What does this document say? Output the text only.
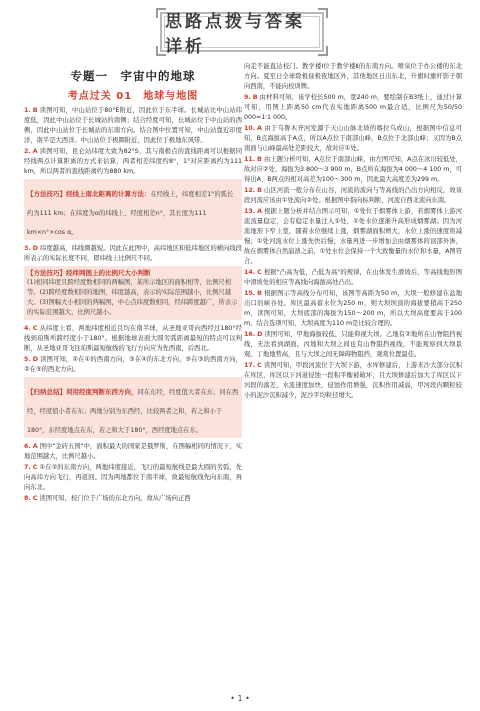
思路点拨与答案详析
专题一　宇宙中的地球
考点过关 01　地球与地图
1. B 读图可知，中山站位于80°E附近，因此位于东半球。长城站比中山站纬度低，因此中山站位于长城站的南侧；结合经度可知，长城站位于中山站的西侧，因此中山站位于长城站的东南方向。结合图中位置可知，中山站靠近印度洋，南半是大西洋。中山站位于极圈附近，因此位于极地东风带。
2. A 读图可知，昆仑站纬度大致为82°S，其与南极点的直线距离可以根据同经线两点计算距离的方式来估算，两者相差纬度约8°，1°对应距离约为111 km，所以两者的直线距离约为880 km。
【方法技巧】经线上南北距离的计算方法：在经线上，纬度相差1°的弧长约为111 km；在纬度为α的纬线上，经度相差n°，其长度为111 km×n°×cos α。
3. D 纬度越高，纬线圈越短。因此在此图中，高纬地区和低纬地区的横向线段所表示的实际长度不同，即纬线上比例尺不同。
【方法技巧】经纬网图上的比例尺大小判断
(1)相同纬度且跨经度数相同的两幅图，某所示地区的面积相等，比例尺相等。(2)跨经度数相同的地图，纬度越高，表示的实际范围越小，比例尺越大。(3)图幅大小相同的两幅图，中心点纬度数相同，经纬跨度越广，所表示的实际范围越大，比例尺越小。
4. C 从纬度上看，两地纬度相近且均在南半球，从圣地亚哥向西经过180°经线到珀斯所跨经度小于180°。根据地球表面大圆劣弧距离最短的特点可以判断，从圣地亚哥飞往珀斯最短航线的飞行方向应为先西南，后西北。
5. D 读图可知，②在①的西南方向，③在④的东北方向，⑤在③的西南方向，②在⑤的西北方向。
【归纳总结】利用经度判断东西方向，同在东经，经度值大者在东；同在西经，经度值小者在东；两地分别为东西经，比较两者之和，若之和小于180°，东经度地点在东，若之和大于180°，西经度地点在东。
6. A 图中"金砖五国"中，面积最大的国家是俄罗斯，在图幅相同的情况下，实地范围越大，比例尺越小。
7. C ①在②的东南方向，两地纬度接近，飞行的最短航线是最大圆的劣弧，先向高纬方向飞行，再返回。因为两地都位于南半球，故最短航线先向东南，再向东北。
8. C 读图可知，校门位于广场的东北方向，故从广场向正西
向走不能直达校门。教学楼Ⅰ位于教学楼Ⅱ的东南方向。喷泉位于办公楼的东北方向。夏至日全球除极昼极夜地区外，其他地区日出东北，升旗时旗杆影子朝向西南，不能向校训牌。
9. B 由材料可知，该学校长500 m，宽240 m，要绘制在B3纸上，通过计算可知，用图上距离50 cm代表实地距离500 m最合适，比例尺为50/50 000=1∶1 000。
10. A 由于乌鲁木齐河发源于天山山脉北坡的喀拉乌成山，根据图中信息可知，B点海拔高于A点，所以A点位于南部山峰，B点位于北部山峰；又因为B点南面与山峰最高处差距较大，故对应①处。
11. B 由上题分析可知，A点位于南部山峰，由左图可知，A点在冰川较低处，故对应②处，海拔为3 800～3 900 m，B点所在海拔为4 000～4 100 m，可得出A、B两点的相对高差为100～300 m，因此最大高度差为299 m。
12. B 山区河流一般分布在山谷，河流的流向与等高线的凸出方向相反，故该段河流应该由①处流向②处。根据图中指向标判断，河流自西北流向东南。
13. A 根据上题分析并结合图示可知，①处位于烟雾体上游，若烟雾体上游河流流量稳定，会有稳定水量注入①处，①处水位逐渐升高形成烟雾湖；因为河流地形下窄上宽，随着水位继续上涨，烟雾湖面积增大，水位上涨的速度将减慢；①处河流水位上涨先快后慢；水量再进一步增加会由烟雾体的顶部外渗，故在烟雾体自然崩溃之前，①处水位会保持一个大致衡量的水位和水量，A图符合。
14. C 根据"凸高为低，凸低为高"的规律，在山体发生滑坡后，等高线地形图中滑坡处的相应等高线向海拔高处凸出。
15. B 根据图示等高线分布可知，该图等高距为50 m，大坝一般修建在盆地出口的峡谷处。库区最高蓄水位为250 m，则大坝坝顶的海拔要稍高于250 m，读图可知，大坝底部的海拔为150～200 m，所以大坝高度要高于100 m，结合选项可知，大坝高度为110 m是比较合理的。
16. D 读图可知，甲地海拔较低，只能仰视大坝。乙地有②地所在山脊阻挡视线，无法看到湖面。丙地和大坝之间也有山脊阻挡视线，不能观察到大坝景观。丁地地势高，且与大坝之间无障碍物阻挡，观赏位置最佳。
17. C 读图可知，甲段河流位于大坝下游，水库修建后，上游来沙大部分沉积在库区，库区以下河道侵蚀一段积平衡被破坏，且大坝修建后加大了库区以下河段的落差，水流速度加快，侵蚀作用增强，沉积作用减弱，甲河段内颗粒较小的泥沙沉积减少，泥沙平均粒径增大。
• 1 •
